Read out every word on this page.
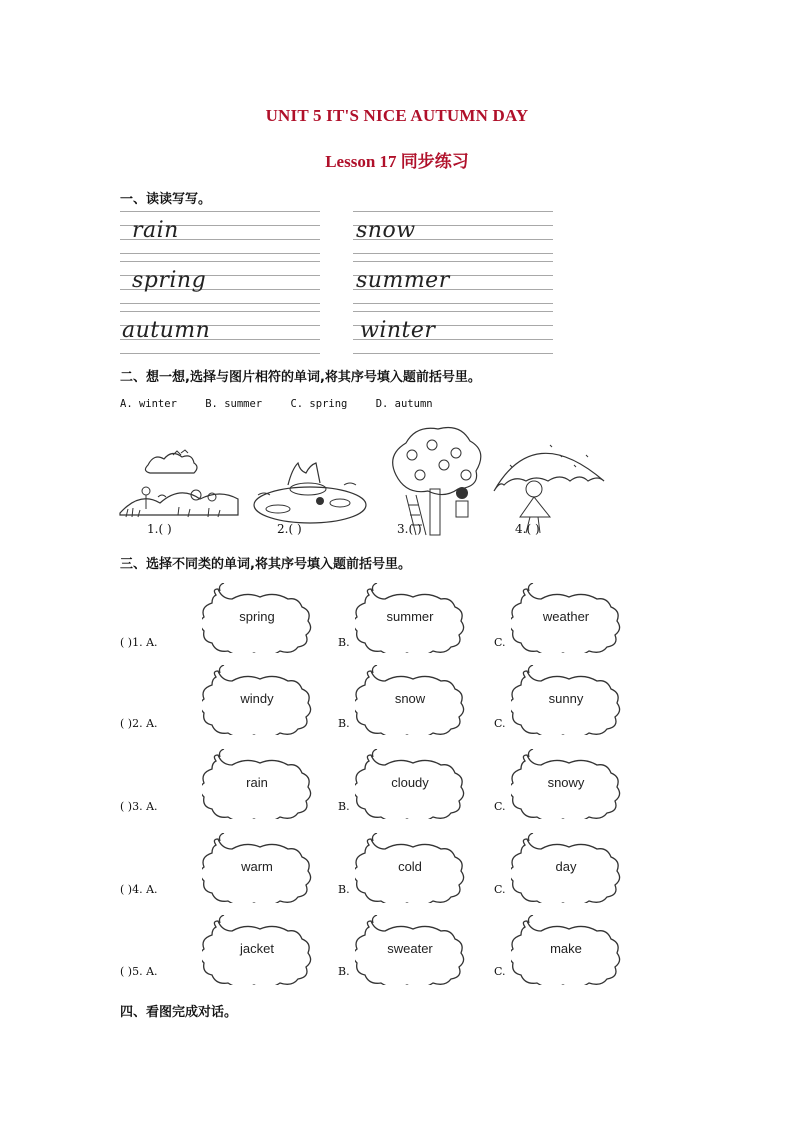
UNIT 5 IT'S NICE AUTUMN DAY
Lesson 17 同步练习
一、读读写写。
rain	snow
spring	summer
autumn	winter
二、想一想,选择与图片相符的单词,将其序号填入题前括号里。
A. winter	B. summer	C. spring	D. autumn
1.( )	2.( )	3.( )	4.( )
三、选择不同类的单词,将其序号填入题前括号里。
( )1. A.	B.	C.
spring	summer	weather
( )2. A.	B.	C.
windy	snow	sunny
( )3. A.	B.	C.
rain	cloudy	snowy
( )4. A.	B.	C.
warm	cold	day
( )5. A.	B.	C.
jacket	sweater	make
四、看图完成对话。
